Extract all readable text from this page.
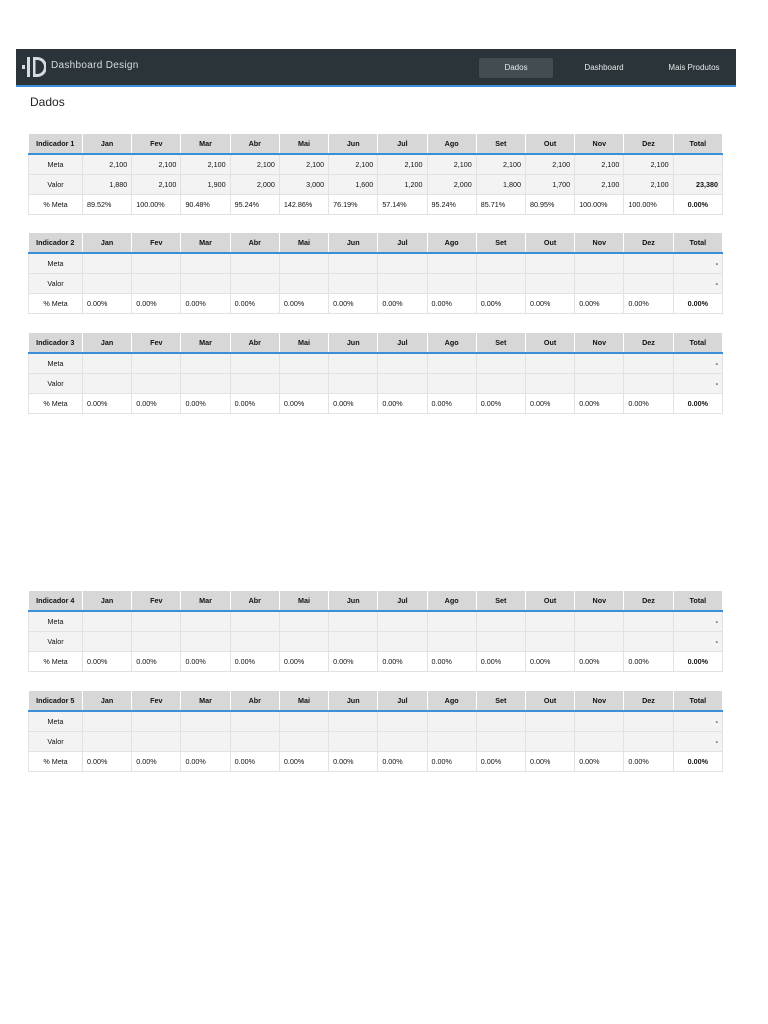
Dashboard Design	Dados	Dashboard	Mais Produtos
Dados
Indicador 1	Jan	Fev	Mar	Abr	Mai	Jun	Jul	Ago	Set	Out	Nov	Dez	Total
Meta	2,100	2,100	2,100	2,100	2,100	2,100	2,100	2,100	2,100	2,100	2,100	2,100	
Valor	1,880	2,100	1,900	2,000	3,000	1,600	1,200	2,000	1,800	1,700	2,100	2,100	23,380
% Meta	89.52%	100.00%	90.48%	95.24%	142.86%	76.19%	57.14%	95.24%	85.71%	80.95%	100.00%	100.00%	0.00%
Indicador 2	Jan	Fev	Mar	Abr	Mai	Jun	Jul	Ago	Set	Out	Nov	Dez	Total
Meta													-
Valor													-
% Meta	0.00%	0.00%	0.00%	0.00%	0.00%	0.00%	0.00%	0.00%	0.00%	0.00%	0.00%	0.00%	0.00%
Indicador 3	Jan	Fev	Mar	Abr	Mai	Jun	Jul	Ago	Set	Out	Nov	Dez	Total
Meta													-
Valor													-
% Meta	0.00%	0.00%	0.00%	0.00%	0.00%	0.00%	0.00%	0.00%	0.00%	0.00%	0.00%	0.00%	0.00%
Indicador 4	Jan	Fev	Mar	Abr	Mai	Jun	Jul	Ago	Set	Out	Nov	Dez	Total
Meta													-
Valor													-
% Meta	0.00%	0.00%	0.00%	0.00%	0.00%	0.00%	0.00%	0.00%	0.00%	0.00%	0.00%	0.00%	0.00%
Indicador 5	Jan	Fev	Mar	Abr	Mai	Jun	Jul	Ago	Set	Out	Nov	Dez	Total
Meta													-
Valor													-
% Meta	0.00%	0.00%	0.00%	0.00%	0.00%	0.00%	0.00%	0.00%	0.00%	0.00%	0.00%	0.00%	0.00%
